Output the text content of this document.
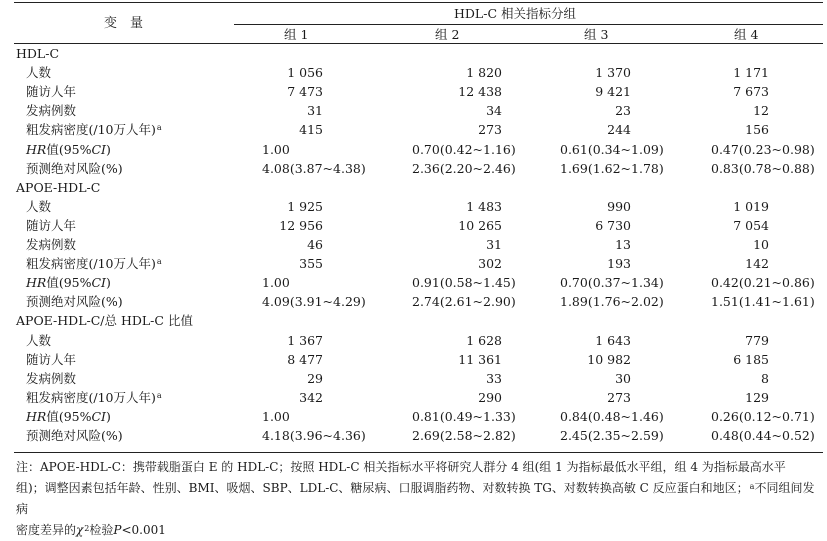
变　量
HDL-C 相关指标分组
组 1	组 2	组 3	组 4
HDL-C
人数	1 056	1 820	1 370	1 171
随访人年	7 473	12 438	9 421	7 673
发病例数	31	34	23	12
粗发病密度(/10万人年)$^a$	415	273	244	156
HR值(95%CI)	1.00	0.70(0.42~1.16)	0.61(0.34~1.09)	0.47(0.23~0.98)
预测绝对风险(%)	4.08(3.87~4.38)	2.36(2.20~2.46)	1.69(1.62~1.78)	0.83(0.78~0.88)
APOE-HDL-C
人数	1 925	1 483	990	1 019
随访人年	12 956	10 265	6 730	7 054
发病例数	46	31	13	10
粗发病密度(/10万人年)$^a$	355	302	193	142
HR值(95%CI)	1.00	0.91(0.58~1.45)	0.70(0.37~1.34)	0.42(0.21~0.86)
预测绝对风险(%)	4.09(3.91~4.29)	2.74(2.61~2.90)	1.89(1.76~2.02)	1.51(1.41~1.61)
APOE-HDL-C/总 HDL-C 比值
人数	1 367	1 628	1 643	779
随访人年	8 477	11 361	10 982	6 185
发病例数	29	33	30	8
粗发病密度(/10万人年)$^a$	342	290	273	129
HR值(95%CI)	1.00	0.81(0.49~1.33)	0.84(0.48~1.46)	0.26(0.12~0.71)
预测绝对风险(%)	4.18(3.96~4.36)	2.69(2.58~2.82)	2.45(2.35~2.59)	0.48(0.44~0.52)
注：APOE-HDL-C：携带载脂蛋白 E 的 HDL-C；按照 HDL-C 相关指标水平将研究人群分 4 组(组 1 为指标最低水平组，组 4 为指标最高水平
组)；调整因素包括年龄、性别、BMI、吸烟、SBP、LDL-C、糖尿病、口服调脂药物、对数转换 TG、对数转换高敏 C 反应蛋白和地区；$^a$不同组间发病
密度差异的$\chi^2$检验P<0.001
